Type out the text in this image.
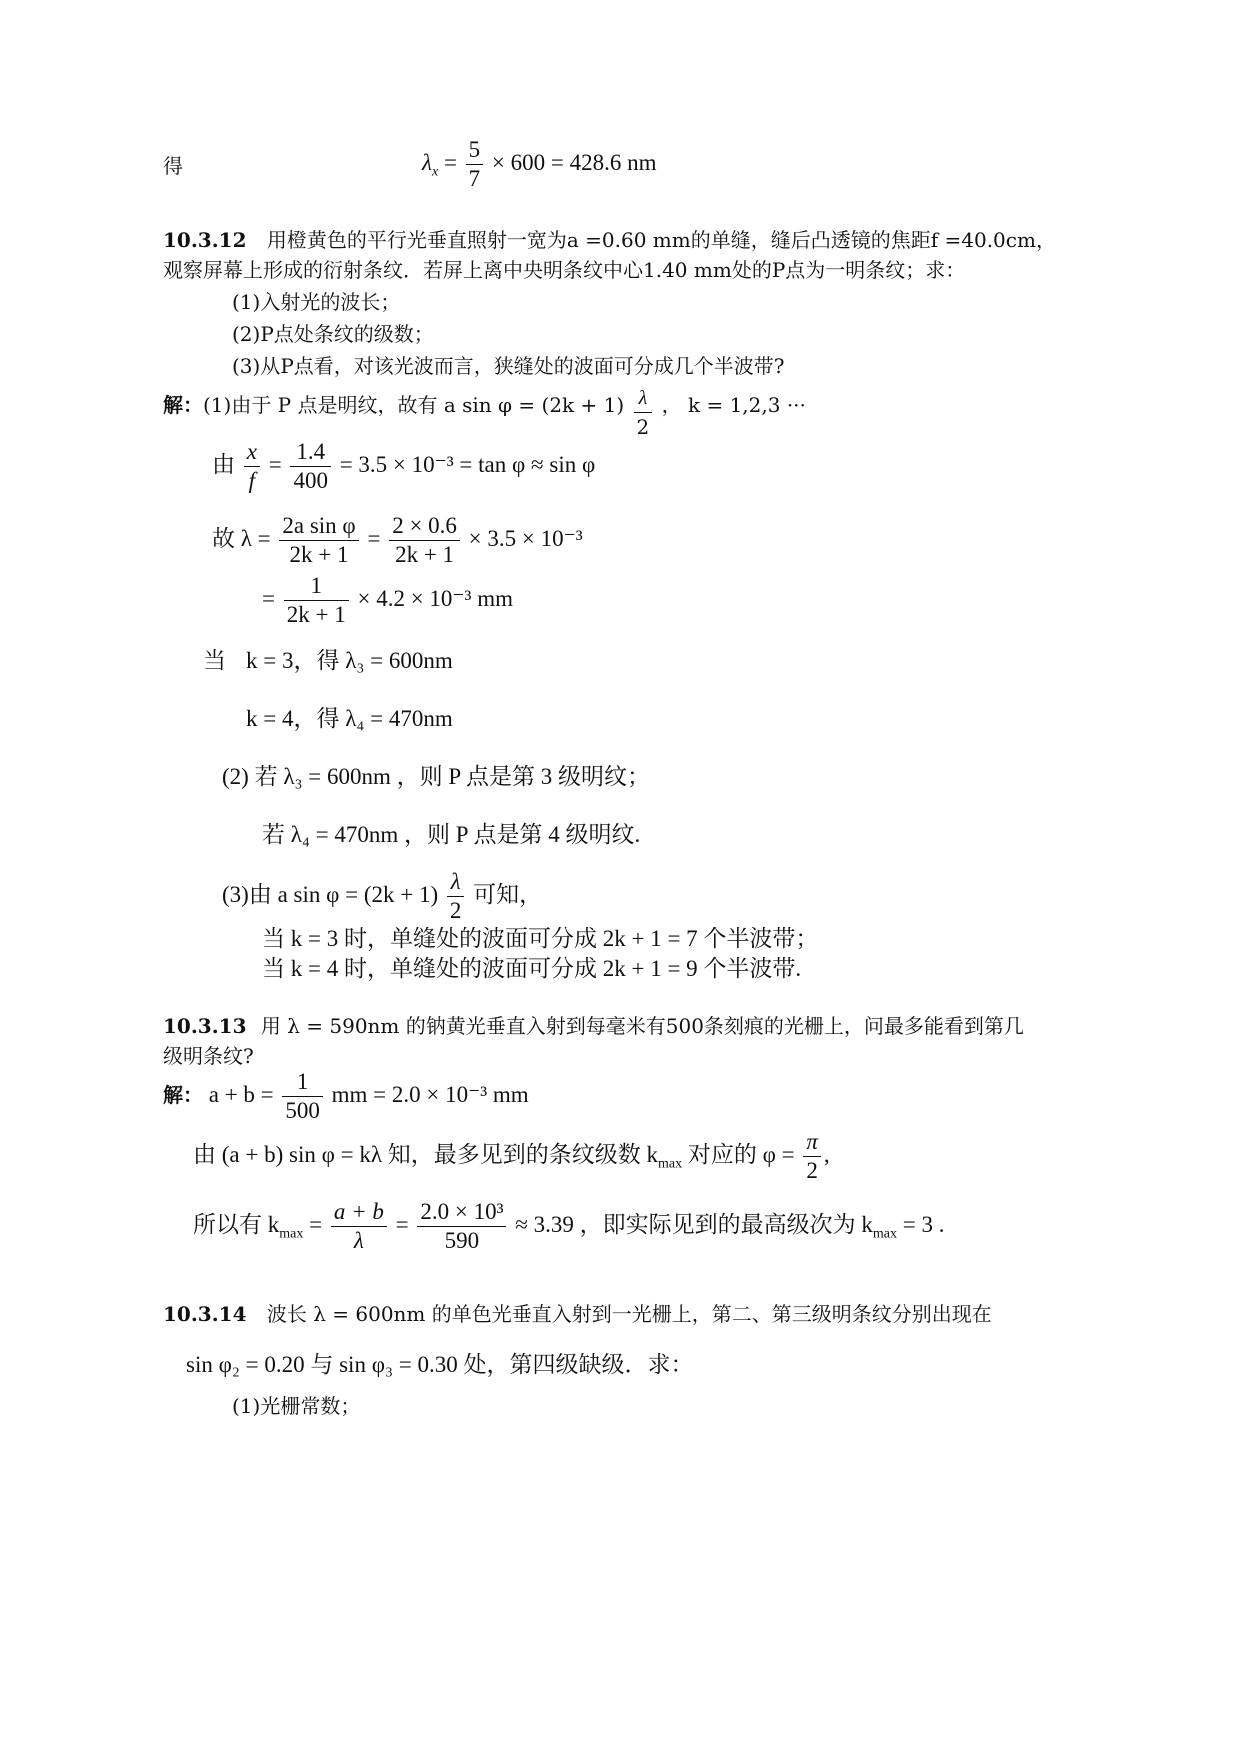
得	$\lambda_x = \frac{5}{7} \times 600 = 428.6$ nm
10.3.12 用橙黄色的平行光垂直照射一宽为a =0.60 mm的单缝，缝后凸透镜的焦距f =40.0cm，
观察屏幕上形成的衍射条纹．若屏上离中央明条纹中心1.40 mm处的P点为一明条纹；求：
(1)入射光的波长；
(2)P点处条纹的级数；
(3)从P点看，对该光波而言，狭缝处的波面可分成几个半波带?
解：(1)由于 P 点是明纹，故有 a $\sin \varphi = (2k + 1) \frac{\lambda}{2}$ ， k = 1,2,3 ···
由 $\frac{x}{f} = \frac{1.4}{400} = 3.5 \times 10^{-3} = \tan \varphi \approx \sin \varphi$
故 $\lambda = \frac{\text{2a sin φ}}{2k + 1} = \frac{2 \times 0.6}{2k + 1} \times 3.5 \times 10^{-3}$
= $\frac{1}{2k + 1} \times 4.2 \times 10^{-3}$ mm
当 k = 3，得 λ₃ = 600nm
k = 4，得 λ₄ = 470nm
(2) 若 λ₃ = 600nm ，则 P 点是第 3 级明纹；
若 λ₄ = 470nm ，则 P 点是第 4 级明纹.
(3)由 a $\sin \varphi = (2k + 1) \frac{\lambda}{2}$ 可知，
当 k = 3 时，单缝处的波面可分成 2k + 1 = 7 个半波带；
当 k = 4 时，单缝处的波面可分成 2k + 1 = 9 个半波带.
10.3.13 用 λ = 590nm 的钠黄光垂直入射到每毫米有500条刻痕的光栅上，问最多能看到第几
级明条纹?
解： $a + b = \frac{1}{500}$ mm = 2.0 × 10⁻³ mm
由 (a + b) sin φ = kλ 知，最多见到的条纹级数 $k_{max}$ 对应的 $\varphi = \frac{\pi}{2}$ ,
所以有 $k_{max} = \frac{a + b}{\lambda} = \frac{\text{2.0 × 10³}}{590} \approx 3.39$ ，即实际见到的最高级次为 $k_{max} = 3$ .
10.3.14 波长 λ = 600nm 的单色光垂直入射到一光栅上，第二、第三级明条纹分别出现在
sin φ₂ = 0.20 与 sin φ₃ = 0.30 处，第四级缺级．求：
(1)光栅常数；
